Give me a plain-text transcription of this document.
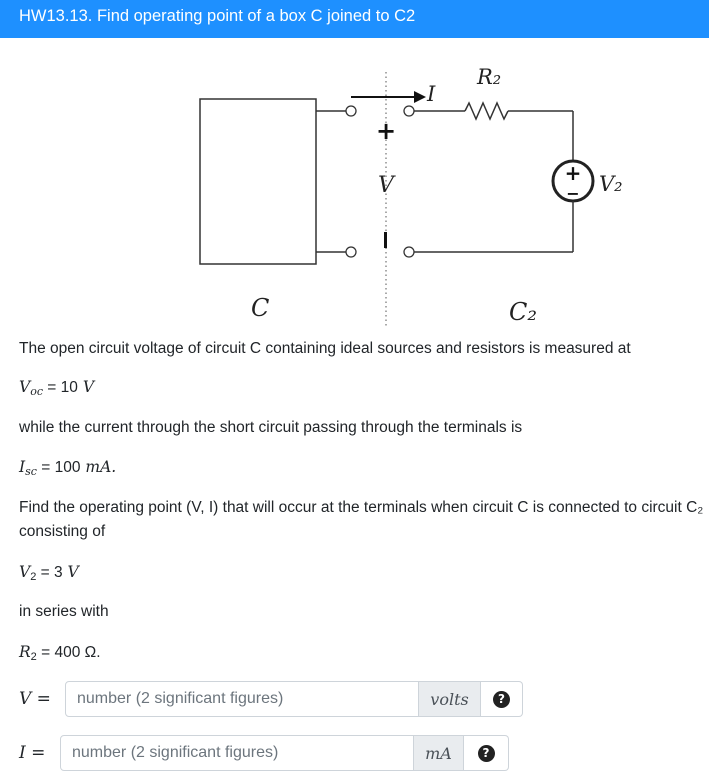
HW13.13. Find operating point of a box C joined to C2
I
R₂
+
− V₂
+
V
C	C₂
The open circuit voltage of circuit C containing ideal sources and resistors is measured at
$V_{oc} = 10$ V
while the current through the short circuit passing through the terminals is
$I_{sc} = 100$ mA.
Find the operating point (V, I) that will occur at the terminals when circuit C is connected to circuit C₂
consisting of
$V_2 = 3$ V
in series with
$R_2 = 400$ Ω.
V =	number (2 significant figures)	volts	?
I =	number (2 significant figures)	mA	?
